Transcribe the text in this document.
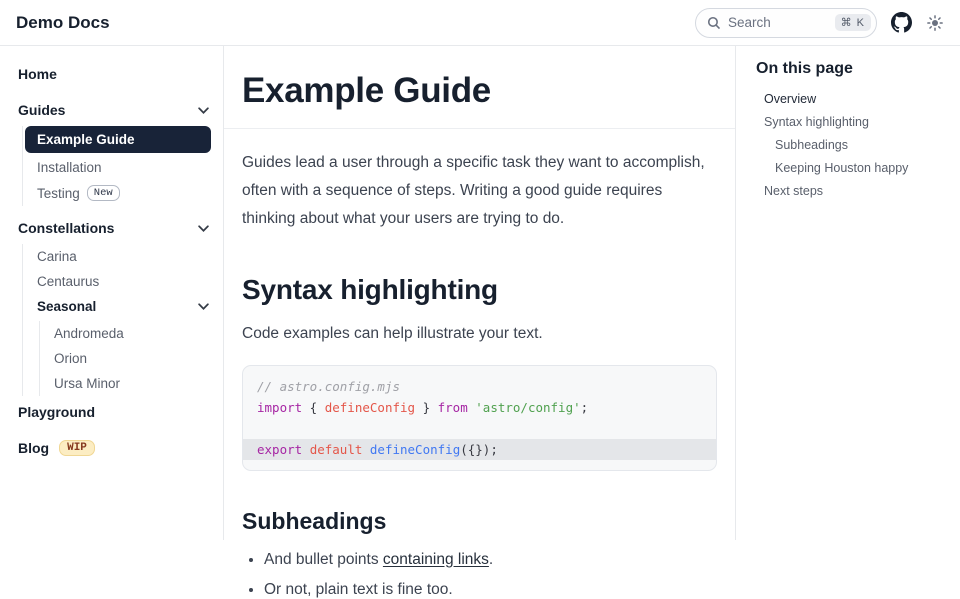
Demo Docs	Search	⌘ K
Home
Guides
Example Guide
Installation
Testing	New
Constellations
Carina
Centaurus
Seasonal
Andromeda
Orion
Ursa Minor
Playground
Blog	WIP
Example Guide

Guides lead a user through a specific task they want to accomplish, often with a sequence of steps. Writing a good guide requires thinking about what your users are trying to do.

Syntax highlighting

Code examples can help illustrate your text.

// astro.config.mjs
import { defineConfig } from 'astro/config';
export default defineConfig({});
Subheadings
• And bullet points containing links.
• Or not, plain text is fine too.
On this page
Overview
Syntax highlighting
Subheadings
Keeping Houston happy
Next steps
